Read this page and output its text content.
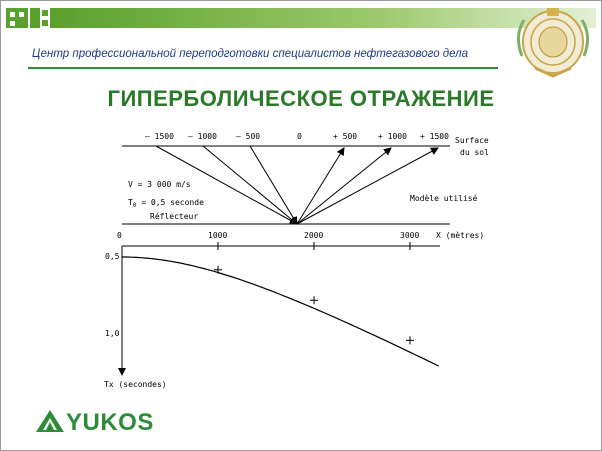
Центр профессиональной переподготовки специалистов нефтегазового дела
ГИПЕРБОЛИЧЕСКОЕ ОТРАЖЕНИЕ
– 1500 – 1000 – 500	0	+ 500	+ 1000 + 1500 Surface
du sol
V = 3 000 m/s
$T_0 = 0,5$ seconde
Réflecteur
Modèle utilisé
0	1000	2000	3000 X (mètres)
0,5
1,0
Tx (secondes)
YUKOS
